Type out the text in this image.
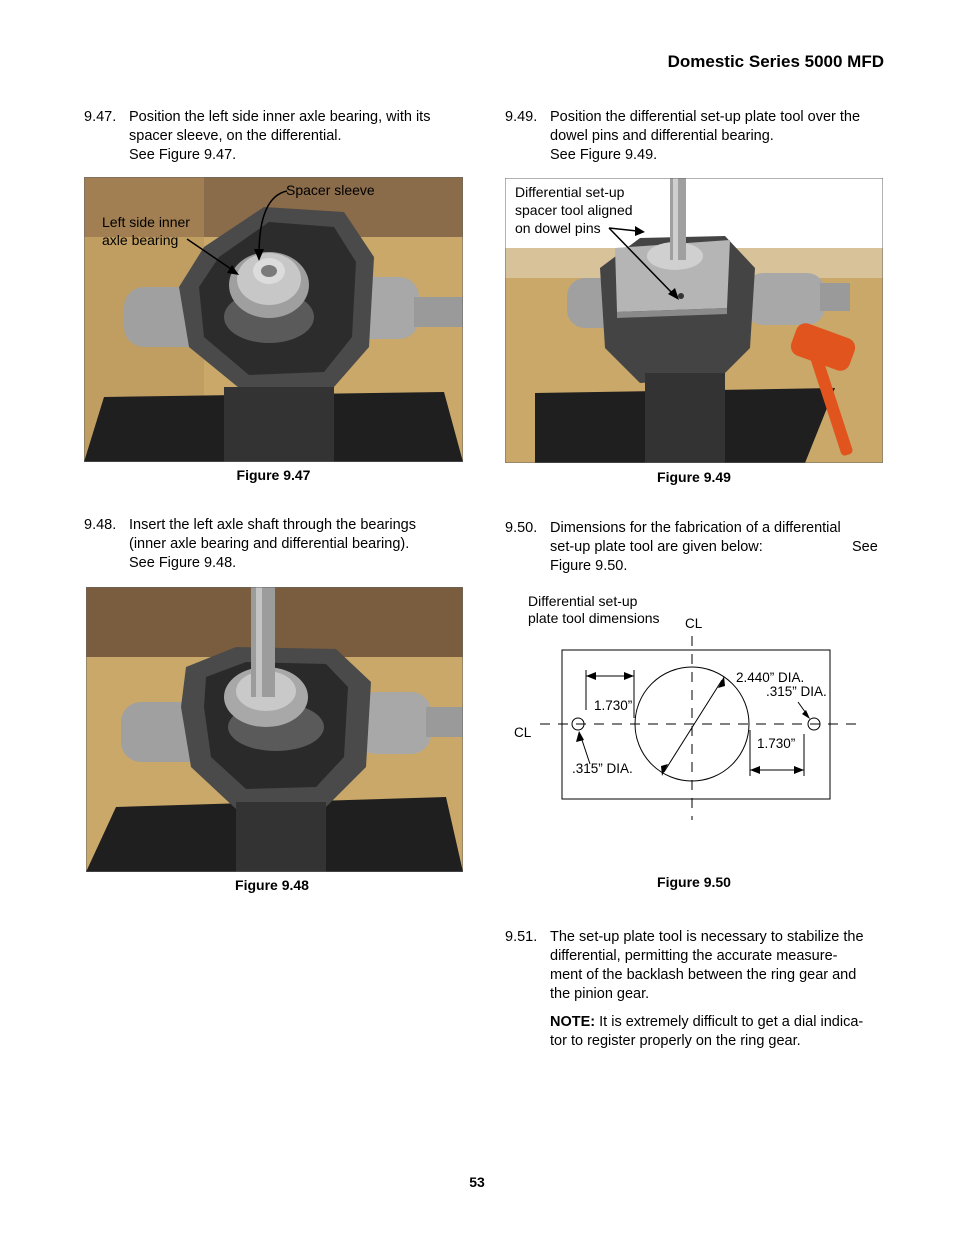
Domestic Series 5000 MFD
9.47. Position the left side inner axle bearing, with its
spacer sleeve, on the differential.
See Figure 9.47.
Spacer sleeve
Left side inner
axle bearing
Figure 9.47
9.48. Insert the left axle shaft through the bearings
(inner axle bearing and differential bearing).
See Figure 9.48.
Figure 9.48
9.49. Position the differential set-up plate tool over the
dowel pins and differential bearing.
See Figure 9.49.
Differential set-up
spacer tool aligned
on dowel pins
Figure 9.49
9.50. Dimensions for the fabrication of a differential
set-up plate tool are given below:
Figure 9.50.
See
Differential set-up
plate tool dimensions CL
CL
2.440” DIA.
.315” DIA.
1.730”
1.730”
.315” DIA.
Figure 9.50
9.51. The set-up plate tool is necessary to stabilize the
differential, permitting the accurate measure-
ment of the backlash between the ring gear and
the pinion gear.
NOTE: It is extremely difficult to get a dial indica-
tor to register properly on the ring gear.
53
